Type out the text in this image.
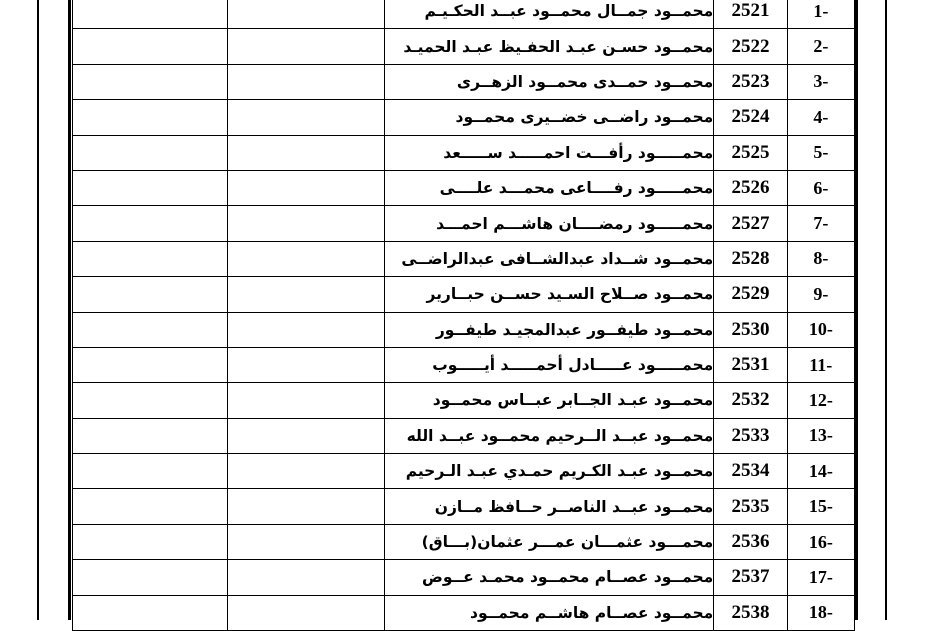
		محمــود جمــال محمــود عبــد الحكـيـم	2521	1-
		محمــود حسـن عبـد الحفـيظ عبـد الحميـد	2522	2-
		محمــود حمــدى محمــود الزهــرى	2523	3-
		محمــود راضــى خضــيرى محمــود	2524	4-
		محمـــــود رأفـــت احمـــــد ســـــعد	2525	5-
		محمـــــود رفــــاعى محمـــد علــــى	2526	6-
		محمـــــود رمضــــان هاشـــم احمـــد	2527	7-
		محمــود شــداد عبدالشــافى عبدالراضــى	2528	8-
		محمــود صــلاح السـيد حســن حبــارير	2529	9-
		محمــود طيفــور عبدالمجيـد طيفــور	2530	10-
		محمـــــود عـــــادل أحمـــــد أيـــــوب	2531	11-
		محمــود عبـد الجــابر عبــاس محمــود	2532	12-
		محمــود عبــد الــرحيم محمــود عبــد الله	2533	13-
		محمــود عبـد الكـريم حمـدي عبـد الـرحيم	2534	14-
		محمــود عبــد الناصــر حــافظ مــازن	2535	15-
		محمـــود عثمـــان عمـــر عثمان(بـــاق)	2536	16-
		محمــود عصــام محمــود محمـد عــوض	2537	17-
		محمــود عصــام هاشــم محمــود	2538	18-
